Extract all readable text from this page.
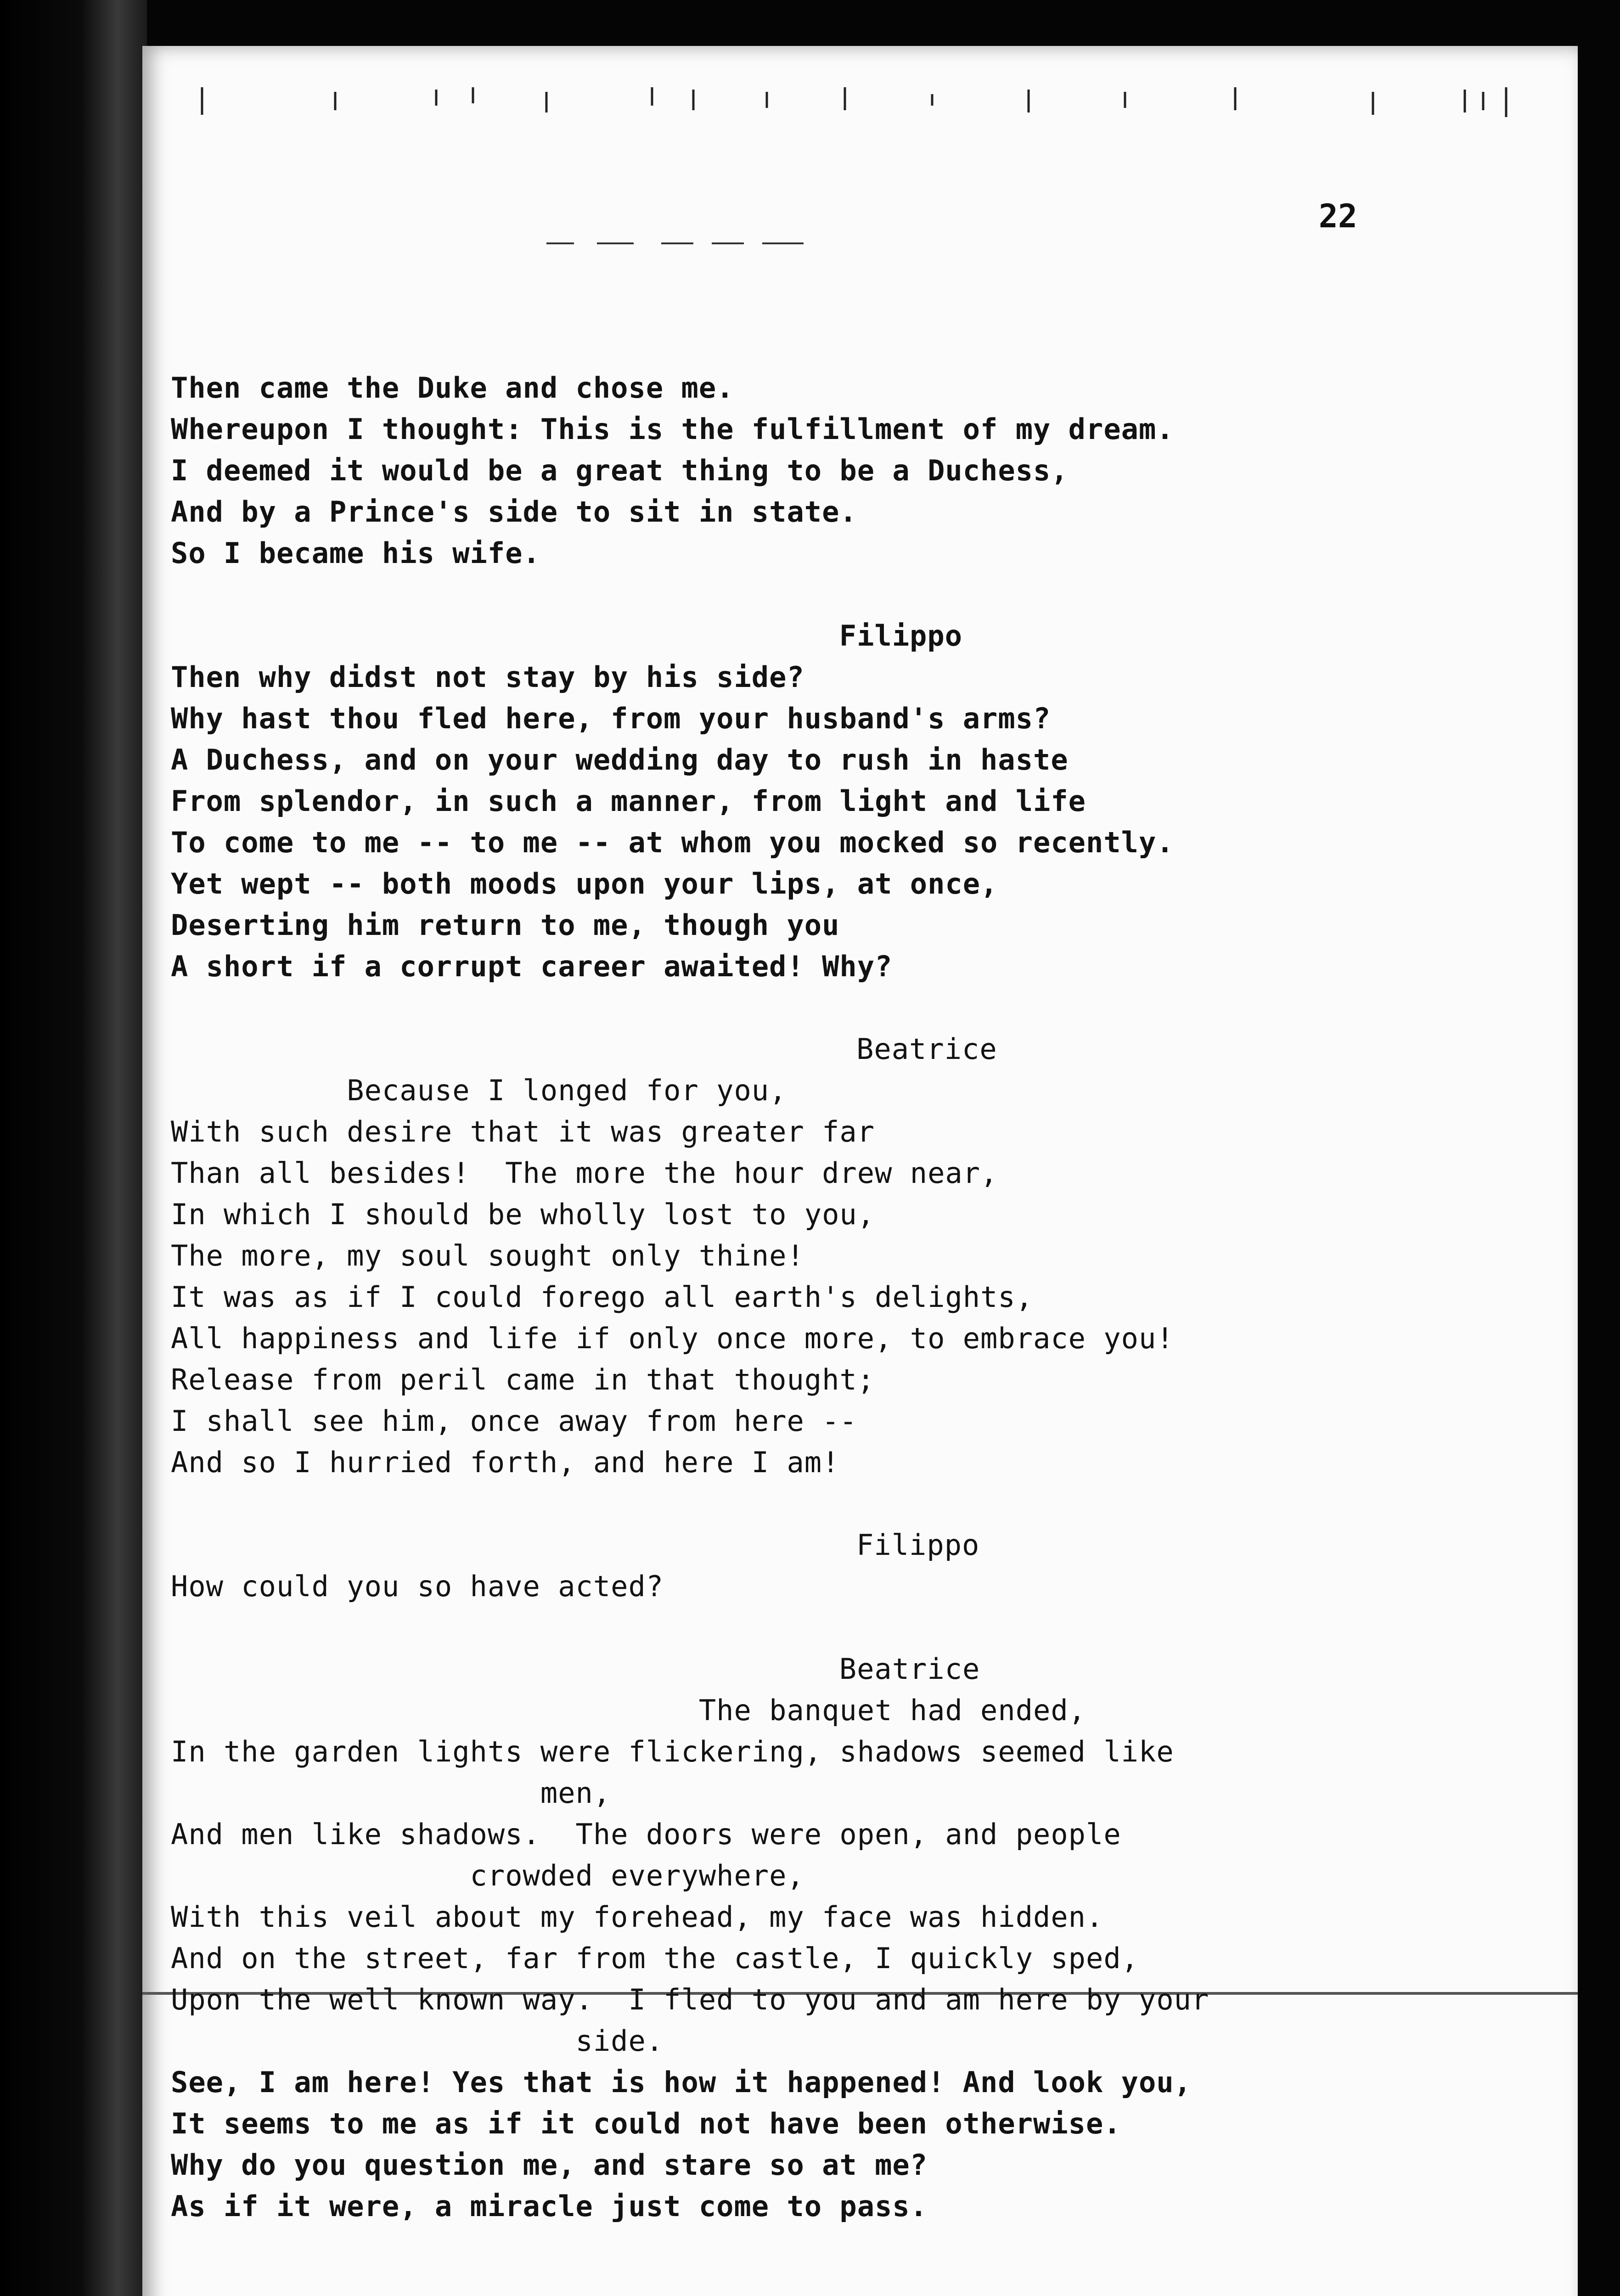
22
Then came the Duke and chose me.
Whereupon I thought: This is the fulfillment of my dream.
I deemed it would be a great thing to be a Duchess,
And by a Prince's side to sit in state.
So I became his wife.
Filippo
Then why didst not stay by his side?
Why hast thou fled here, from your husband's arms?
A Duchess, and on your wedding day to rush in haste
From splendor, in such a manner, from light and life
To come to me -- to me -- at whom you mocked so recently.
Yet wept -- both moods upon your lips, at once,
Deserting him return to me, though you
A short if a corrupt career awaited! Why?
Beatrice
Because I longed for you,
With such desire that it was greater far
Than all besides!  The more the hour drew near,
In which I should be wholly lost to you,
The more, my soul sought only thine!
It was as if I could forego all earth's delights,
All happiness and life if only once more, to embrace you!
Release from peril came in that thought;
I shall see him, once away from here --
And so I hurried forth, and here I am!
Filippo
How could you so have acted?
Beatrice
The banquet had ended,
In the garden lights were flickering, shadows seemed like
men,
And men like shadows.  The doors were open, and people
crowded everywhere,
With this veil about my forehead, my face was hidden.
And on the street, far from the castle, I quickly sped,
Upon the well known way.  I fled to you and am here by your
side.
See, I am here! Yes that is how it happened! And look you,
It seems to me as if it could not have been otherwise.
Why do you question me, and stare so at me?
As if it were, a miracle just come to pass.
